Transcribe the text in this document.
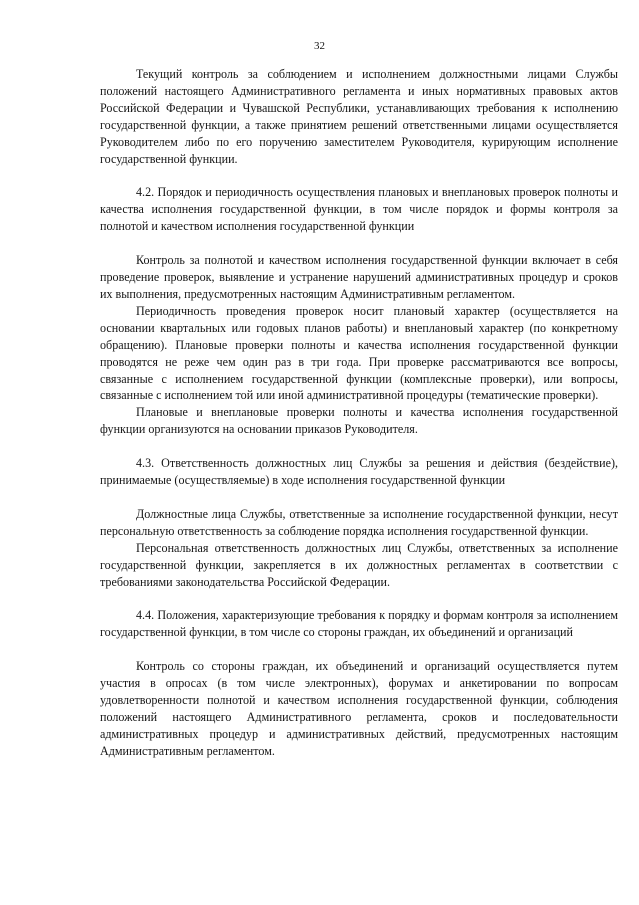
32

Текущий контроль за соблюдением и исполнением должностными лицами Службы положений настоящего Административного регламента и иных нормативных правовых актов Российской Федерации и Чувашской Республики, устанавливающих требования к исполнению государственной функции, а также принятием решений ответственными лицами осуществляется Руководителем либо по его поручению заместителем Руководителя, курирующим исполнение государственной функции.

4.2. Порядок и периодичность осуществления плановых и внеплановых проверок полноты и качества исполнения государственной функции, в том числе порядок и формы контроля за полнотой и качеством исполнения государственной функции

Контроль за полнотой и качеством исполнения государственной функции включает в себя проведение проверок, выявление и устранение нарушений административных процедур и сроков их выполнения, предусмотренных настоящим Административным регламентом.

Периодичность проведения проверок носит плановый характер (осуществляется на основании квартальных или годовых планов работы) и внеплановый характер (по конкретному обращению). Плановые проверки полноты и качества исполнения государственной функции проводятся не реже чем один раз в три года. При проверке рассматриваются все вопросы, связанные с исполнением государственной функции (комплексные проверки), или вопросы, связанные с исполнением той или иной административной процедуры (тематические проверки).

Плановые и внеплановые проверки полноты и качества исполнения государственной функции организуются на основании приказов Руководителя.

4.3. Ответственность должностных лиц Службы за решения и действия (бездействие), принимаемые (осуществляемые) в ходе исполнения государственной функции

Должностные лица Службы, ответственные за исполнение государственной функции, несут персональную ответственность за соблюдение порядка исполнения государственной функции.

Персональная ответственность должностных лиц Службы, ответственных за исполнение государственной функции, закрепляется в их должностных регламентах в соответствии с требованиями законодательства Российской Федерации.

4.4. Положения, характеризующие требования к порядку и формам контроля за исполнением государственной функции, в том числе со стороны граждан, их объединений и организаций

Контроль со стороны граждан, их объединений и организаций осуществляется путем участия в опросах (в том числе электронных), форумах и анкетировании по вопросам удовлетворенности полнотой и качеством исполнения государственной функции, соблюдения положений настоящего Административного регламента, сроков и последовательности административных процедур и административных действий, предусмотренных настоящим Административным регламентом.
